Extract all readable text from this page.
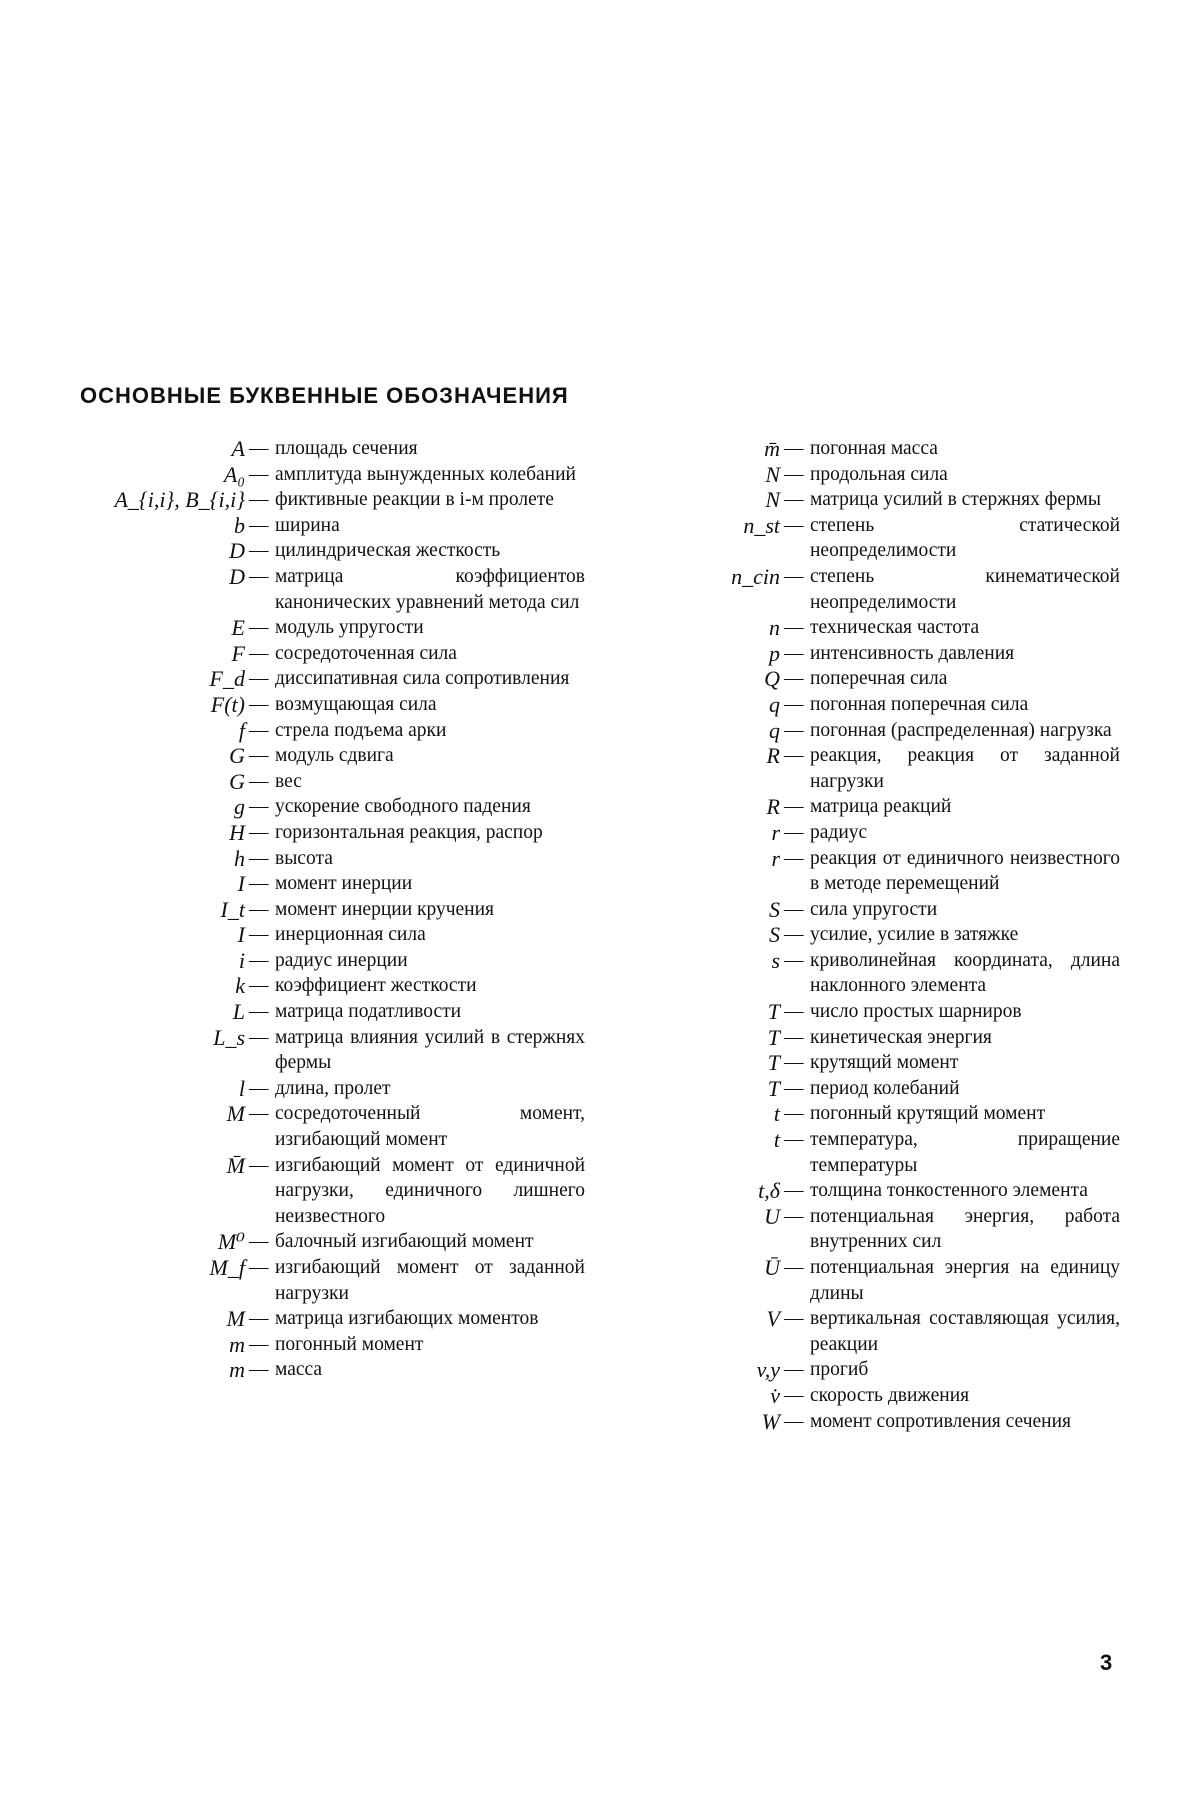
ОСНОВНЫЕ БУКВЕННЫЕ ОБОЗНАЧЕНИЯ
A — площадь сечения
A₀ — амплитуда вынужденных колебаний
A_{i,i}, B_{i,i} — фиктивные реакции в i-м пролете
b — ширина
D — цилиндрическая жесткость
D — матрица коэффициентов канонических уравнений метода сил
E — модуль упругости
F — сосредоточенная сила
F_d — диссипативная сила сопротивления
F(t) — возмущающая сила
f — стрела подъема арки
G — модуль сдвига
G — вес
g — ускорение свободного падения
H — горизонтальная реакция, распор
h — высота
I — момент инерции
I_t — момент инерции кручения
I — инерционная сила
i — радиус инерции
k — коэффициент жесткости
L — матрица податливости
L_s — матрица влияния усилий в стержнях фермы
l — длина, пролет
M — сосредоточенный момент, изгибающий момент
M̄ — изгибающий момент от единичной нагрузки, единичного лишнего неизвестного
M⁰ — балочный изгибающий момент
M_f — изгибающий момент от заданной нагрузки
M — матрица изгибающих моментов
m — погонный момент
m — масса
m̄ — погонная масса
N — продольная сила
N — матрица усилий в стержнях фермы
n_st — степень статической неопределимости
n_cin — степень кинематической неопределимости
n — техническая частота
p — интенсивность давления
Q — поперечная сила
q — погонная поперечная сила
q — погонная (распределенная) нагрузка
R — реакция, реакция от заданной нагрузки
R — матрица реакций
r — радиус
r — реакция от единичного неизвестного в методе перемещений
S — сила упругости
S — усилие, усилие в затяжке
s — криволинейная координата, длина наклонного элемента
T — число простых шарниров
T — кинетическая энергия
T — крутящий момент
T — период колебаний
t — погонный крутящий момент
t — температура, приращение температуры
t,δ — толщина тонкостенного элемента
U — потенциальная энергия, работа внутренних сил
Ū — потенциальная энергия на единицу длины
V — вертикальная составляющая усилия, реакции
v,y — прогиб
v̇ — скорость движения
W — момент сопротивления сечения
3
